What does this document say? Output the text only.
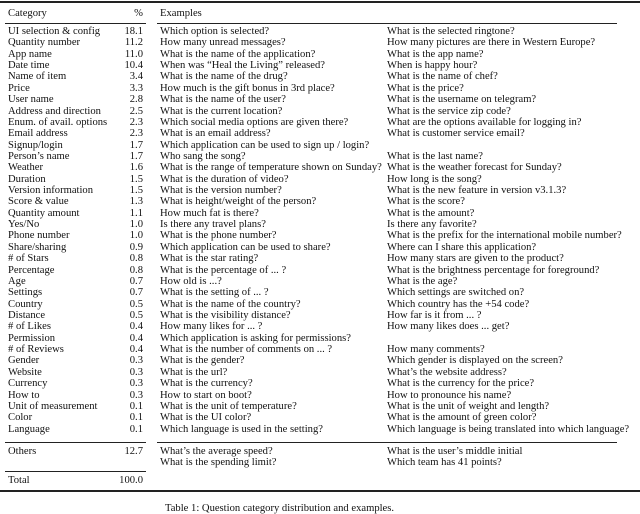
Category	% Examples
UI selection & config	18.1 Which option is selected?	What is the selected ringtone?
Quantity number	11.2 How many unread messages?	How many pictures are there in Western Europe?
App name	11.0 What is the name of the application?	What is the app name?
Date time	10.4 When was “Heal the Living” released?	When is happy hour?
Name of item	3.4 What is the name of the drug?	What is the name of chef?
Price	3.3 How much is the gift bonus in 3rd place?	What is the price?
User name	2.8 What is the name of the user?	What is the username on telegram?
Address and direction	2.5 What is the current location?	What is the service zip code?
Enum. of avail. options	2.3 Which social media options are given there?	What are the options available for logging in?
Email address	2.3 What is an email address?	What is customer service email?
Signup/login	1.7 Which application can be used to sign up / login?
Person’s name	1.7 Who sang the song?	What is the last name?
Weather	1.6 What is the range of temperature shown on Sunday? What is the weather forecast for Sunday?
Duration	1.5 What is the duration of video?	How long is the song?
Version information	1.5 What is the version number?	What is the new feature in version v3.1.3?
Score & value	1.3 What is height/weight of the person?	What is the score?
Quantity amount	1.1 How much fat is there?	What is the amount?
Yes/No	1.0 Is there any travel plans?	Is there any favorite?
Phone number	1.0 What is the phone number?	What is the prefix for the international mobile number?
Share/sharing	0.9 Which application can be used to share?	Where can I share this application?
# of Stars	0.8 What is the star rating?	How many stars are given to the product?
Percentage	0.8 What is the percentage of ... ?	What is the brightness percentage for foreground?
Age	0.7 How old is ...?	What is the age?
Settings	0.7 What is the setting of ... ?	Which settings are switched on?
Country	0.5 What is the name of the country?	Which country has the +54 code?
Distance	0.5 What is the visibility distance?	How far is it from ... ?
# of Likes	0.4 How many likes for ... ?	How many likes does ... get?
Permission	0.4 Which application is asking for permissions?
# of Reviews	0.4 What is the number of comments on ... ?	How many comments?
Gender	0.3 What is the gender?	Which gender is displayed on the screen?
Website	0.3 What is the url?	What’s the website address?
Currency	0.3 What is the currency?	What is the currency for the price?
How to	0.3 How to start on boot?	How to pronounce his name?
Unit of measurement	0.1 What is the unit of temperature?	What is the unit of weight and length?
Color	0.1 What is the UI color?	What is the amount of green color?
Language	0.1 Which language is used in the setting?	Which language is being translated into which language?
Others	12.7 What’s the average speed?	What is the user’s middle initial
What is the spending limit?	Which team has 41 points?
Total	100.0
Table 1: Question category distribution and examples.
